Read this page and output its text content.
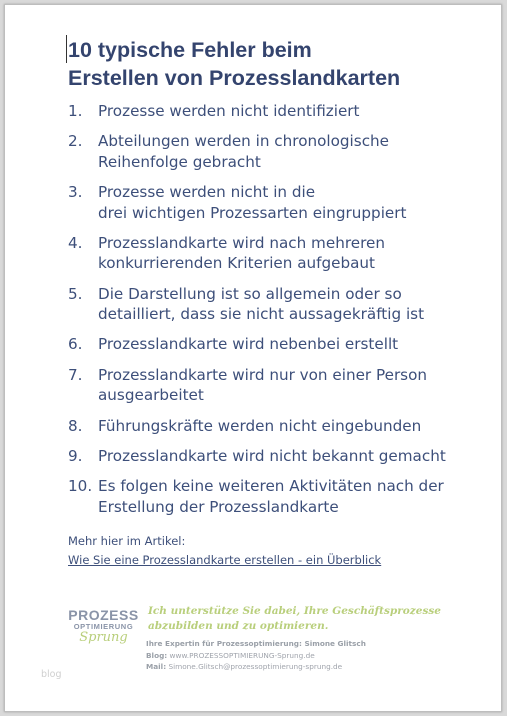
10 typische Fehler beim
Erstellen von Prozesslandkarten
1. Prozesse werden nicht identifiziert
2. Abteilungen werden in chronologische
Reihenfolge gebracht
3. Prozesse werden nicht in die
drei wichtigen Prozessarten eingruppiert
4. Prozesslandkarte wird nach mehreren
konkurrierenden Kriterien aufgebaut
5. Die Darstellung ist so allgemein oder so
detailliert, dass sie nicht aussagekräftig ist
6. Prozesslandkarte wird nebenbei erstellt
7. Prozesslandkarte wird nur von einer Person
ausgearbeitet
8. Führungskräfte werden nicht eingebunden
9. Prozesslandkarte wird nicht bekannt gemacht
10. Es folgen keine weiteren Aktivitäten nach der
Erstellung der Prozesslandkarte
Mehr hier im Artikel:
Wie Sie eine Prozesslandkarte erstellen - ein Überblick
PROZESS
OPTIMIERUNG
Sprung
Ich unterstütze Sie dabei, Ihre Geschäftsprozesse
abzubilden und zu optimieren.
Ihre Expertin für Prozessoptimierung: Simone Glitsch
Blog: www.PROZESSOPTIMIERUNG-Sprung.de
Mail: Simone.Glitsch@prozessoptimierung-sprung.de
blog
